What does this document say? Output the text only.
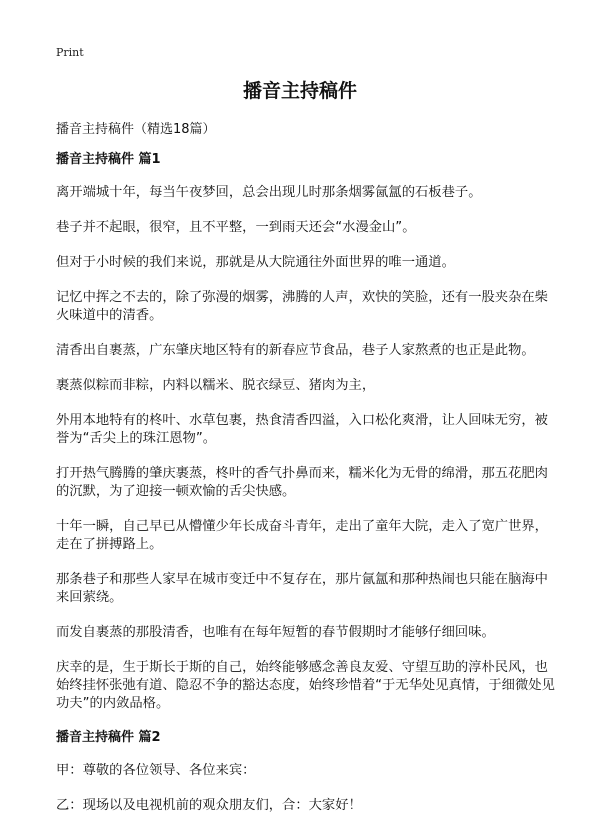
Print
播音主持稿件

播音主持稿件（精选18篇）

播音主持稿件 篇1

离开端城十年，每当午夜梦回，总会出现儿时那条烟雾氤氲的石板巷子。

巷子并不起眼，很窄，且不平整，一到雨天还会“水漫金山”。

但对于小时候的我们来说，那就是从大院通往外面世界的唯一通道。

记忆中挥之不去的，除了弥漫的烟雾，沸腾的人声，欢快的笑脸，还有一股夹杂在柴火味道中的清香。

清香出自裹蒸，广东肇庆地区特有的新春应节食品，巷子人家熬煮的也正是此物。

裹蒸似粽而非粽，内料以糯米、脱衣绿豆、猪肉为主，

外用本地特有的柊叶、水草包裹，热食清香四溢，入口松化爽滑，让人回味无穷，被誉为“舌尖上的珠江恩物”。

打开热气腾腾的肇庆裹蒸，柊叶的香气扑鼻而来，糯米化为无骨的绵滑，那五花肥肉的沉默，为了迎接一顿欢愉的舌尖快感。

十年一瞬，自己早已从懵懂少年长成奋斗青年，走出了童年大院，走入了宽广世界，走在了拼搏路上。

那条巷子和那些人家早在城市变迁中不复存在，那片氤氲和那种热闹也只能在脑海中来回萦绕。

而发自裹蒸的那股清香，也唯有在每年短暂的春节假期时才能够仔细回味。

庆幸的是，生于斯长于斯的自己，始终能够感念善良友爱、守望互助的淳朴民风，也始终挂怀张弛有道、隐忍不争的豁达态度，始终珍惜着“于无华处见真情，于细微处见功夫”的内敛品格。

播音主持稿件 篇2

甲：尊敬的各位领导、各位来宾：

乙：现场以及电视机前的观众朋友们，合：大家好！
